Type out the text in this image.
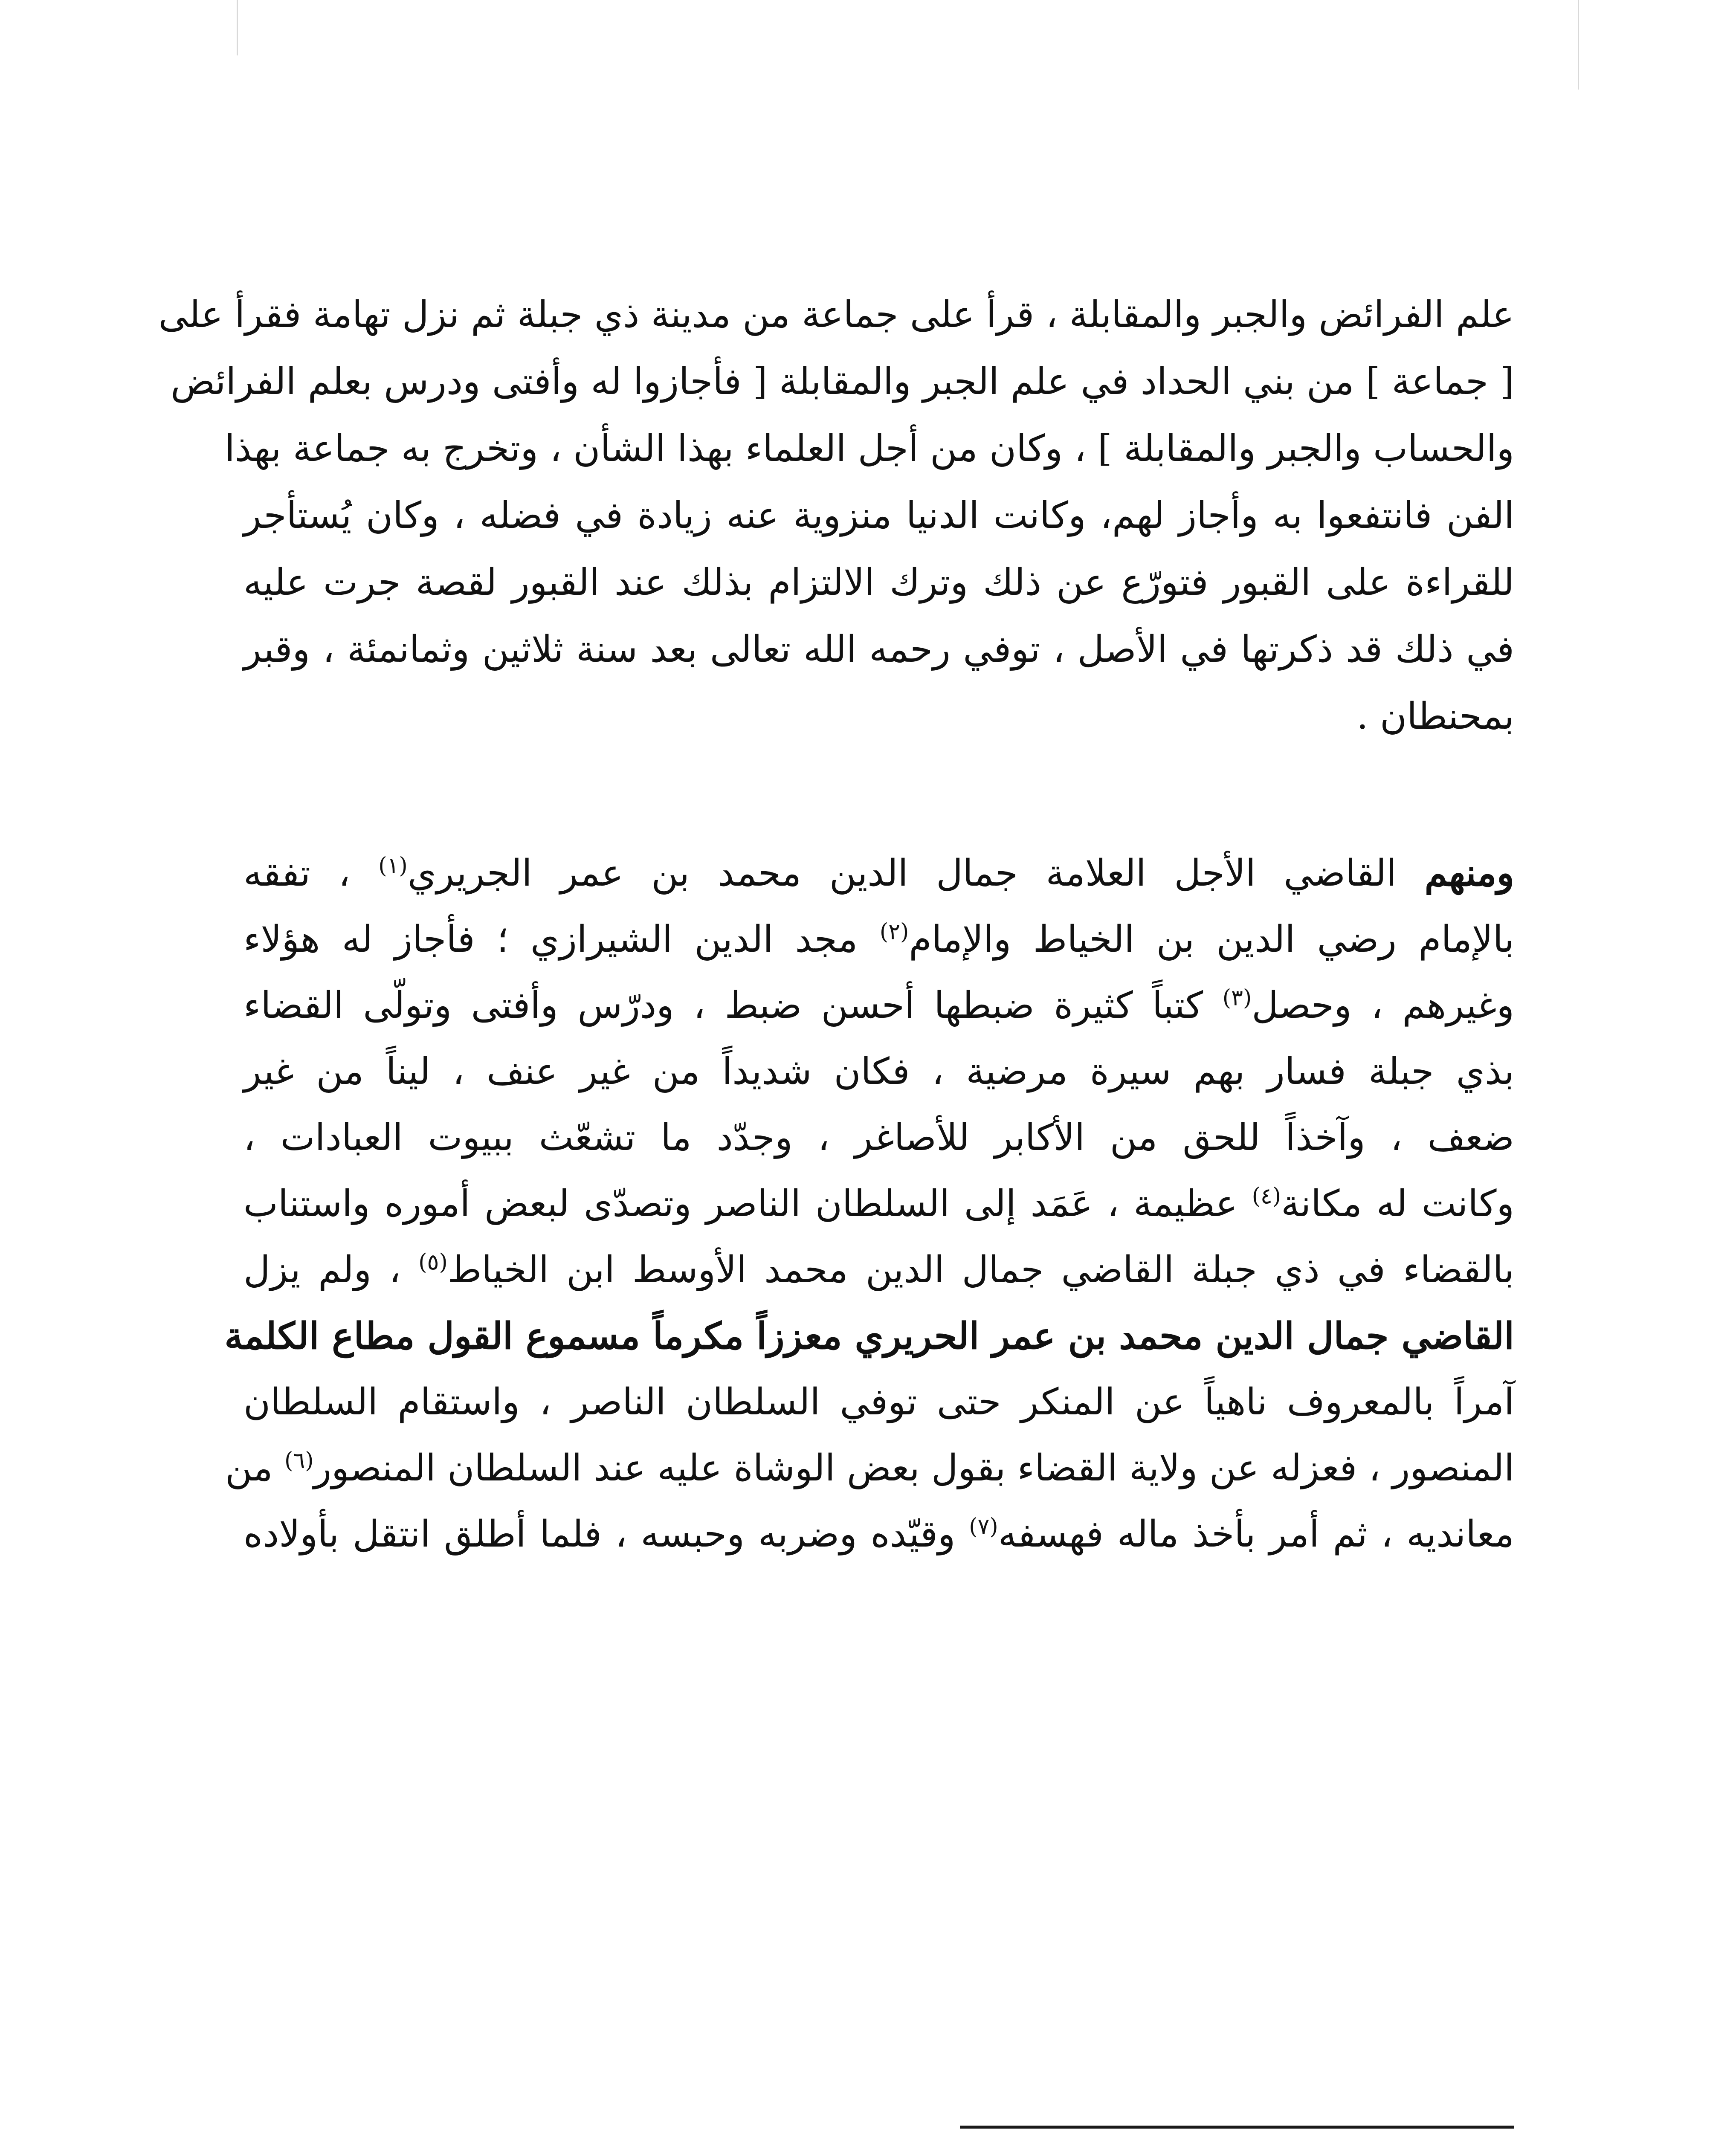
علم الفرائض والجبر والمقابلة ، قرأ على جماعة من مدينة ذي جبلة ثم نزل تهامة فقرأ على
[ جماعة ] من بني الحداد في علم الجبر والمقابلة [ فأجازوا له وأفتى ودرس بعلم الفرائض
والحساب والجبر والمقابلة ] ، وكان من أجل العلماء بهذا الشأن ، وتخرج به جماعة بهذا
الفن فانتفعوا به وأجاز لهم، وكانت الدنيا منزوية عنه زيادة في فضله ، وكان يُستأجر
للقراءة على القبور فتورّع عن ذلك وترك الالتزام بذلك عند القبور لقصة جرت عليه
في ذلك قد ذكرتها في الأصل ، توفي رحمه الله تعالى بعد سنة ثلاثين وثمانمئة ، وقبر
بمحنطان .
ومنهم القاضي الأجل العلامة جمال الدين محمد بن عمر الجريري$^{(١)}$ ، تفقه
بالإمام رضي الدين بن الخياط والإمام$^{(٢)}$ مجد الدين الشيرازي ؛ فأجاز له هؤلاء
وغيرهم ، وحصل$^{(٣)}$ كتباً كثيرة ضبطها أحسن ضبط ، ودرّس وأفتى وتولّى القضاء
بذي جبلة فسار بهم سيرة مرضية ، فكان شديداً من غير عنف ، ليناً من غير
ضعف ، وآخذاً للحق من الأكابر للأصاغر ، وجدّد ما تشعّث ببيوت العبادات ،
وكانت له مكانة$^{(٤)}$ عظيمة ، عَمَد إلى السلطان الناصر وتصدّى لبعض أموره واستناب
بالقضاء في ذي جبلة القاضي جمال الدين محمد الأوسط ابن الخياط$^{(٥)}$ ، ولم يزل
القاضي جمال الدين محمد بن عمر الحريري معززاً مكرماً مسموع القول مطاع الكلمة
آمراً بالمعروف ناهياً عن المنكر حتى توفي السلطان الناصر ، واستقام السلطان
المنصور ، فعزله عن ولاية القضاء بقول بعض الوشاة عليه عند السلطان المنصور$^{(٦)}$ من
معانديه ، ثم أمر بأخذ ماله فهسفه$^{(٧)}$ وقيّده وضربه وحبسه ، فلما أطلق انتقل بأولاده
